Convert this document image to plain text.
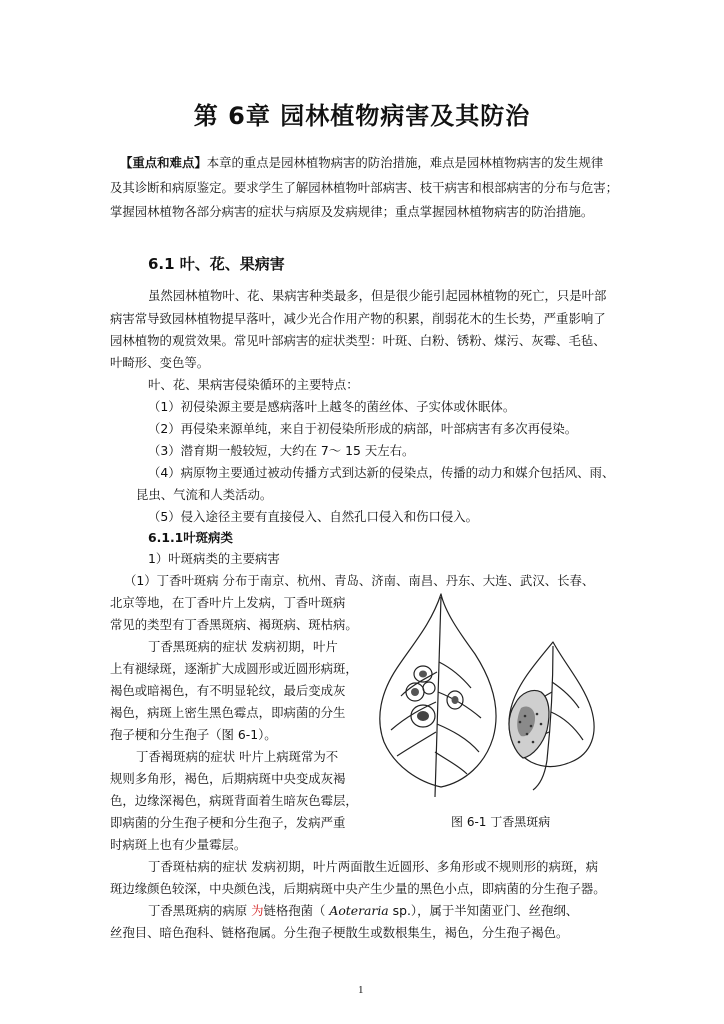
第 6章 园林植物病害及其防治
【重点和难点】本章的重点是园林植物病害的防治措施，难点是园林植物病害的发生规律
及其诊断和病原鉴定。要求学生了解园林植物叶部病害、枝干病害和根部病害的分布与危害；
掌握园林植物各部分病害的症状与病原及发病规律；重点掌握园林植物病害的防治措施。
6.1 叶、花、果病害
虽然园林植物叶、花、果病害种类最多，但是很少能引起园林植物的死亡，只是叶部
病害常导致园林植物提早落叶，减少光合作用产物的积累，削弱花木的生长势，严重影响了
园林植物的观赏效果。常见叶部病害的症状类型：叶斑、白粉、锈粉、煤污、灰霉、毛毡、
叶畸形、变色等。
叶、花、果病害侵染循环的主要特点：
（1）初侵染源主要是感病落叶上越冬的菌丝体、子实体或休眠体。
（2）再侵染来源单纯，来自于初侵染所形成的病部，叶部病害有多次再侵染。
（3）潜育期一般较短，大约在 7～ 15 天左右。
（4）病原物主要通过被动传播方式到达新的侵染点，传播的动力和媒介包括风、雨、
昆虫、气流和人类活动。
（5）侵入途径主要有直接侵入、自然孔口侵入和伤口侵入。
6.1.1叶斑病类
1）叶斑病类的主要病害
（1）丁香叶斑病 分布于南京、杭州、青岛、济南、南昌、丹东、大连、武汉、长春、
北京等地，在丁香叶片上发病，丁香叶斑病
常见的类型有丁香黑斑病、褐斑病、斑枯病。
丁香黑斑病的症状 发病初期，叶片
上有褪绿斑，逐渐扩大成圆形或近圆形病斑，
褐色或暗褐色，有不明显轮纹，最后变成灰
褐色，病斑上密生黑色霉点，即病菌的分生
孢子梗和分生孢子（图 6-1）。
丁香褐斑病的症状 叶片上病斑常为不
规则多角形，褐色，后期病斑中央变成灰褐
色，边缘深褐色，病斑背面着生暗灰色霉层，
即病菌的分生孢子梗和分生孢子，发病严重
时病斑上也有少量霉层。
丁香斑枯病的症状 发病初期，叶片两面散生近圆形、多角形或不规则形的病斑，病
斑边缘颜色较深，中央颜色浅，后期病斑中央产生少量的黑色小点，即病菌的分生孢子器。
丁香黑斑病的病原 为链格孢菌（ Aoteraria sp.），属于半知菌亚门、丝孢纲、
丝孢目、暗色孢科、链格孢属。分生孢子梗散生或数根集生，褐色，分生孢子褐色。
图 6-1 丁香黑斑病
1
